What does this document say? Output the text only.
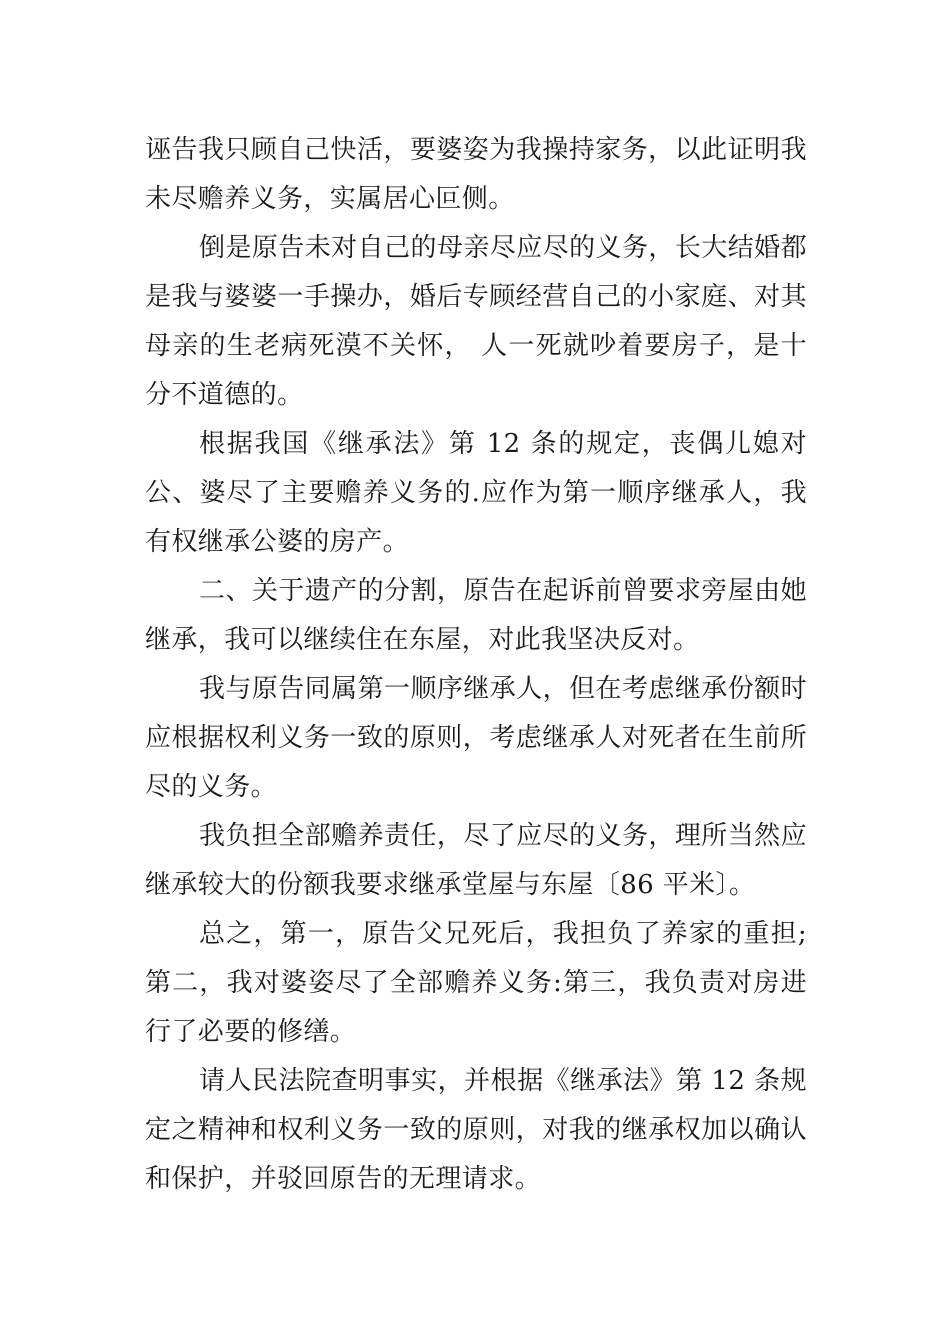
诬告我只顾自己快活，要婆姿为我操持家务，以此证明我未尽赡养义务，实属居心叵侧。

倒是原告未对自己的母亲尽应尽的义务，长大结婚都是我与婆婆一手操办，婚后专顾经营自己的小家庭、对其母亲的生老病死漠不关怀， 人一死就吵着要房子，是十分不道德的。

根据我国《继承法》第 12 条的规定，丧偶儿媳对公、婆尽了主要赡养义务的.应作为第一顺序继承人，我有权继承公婆的房产。

二、关于遗产的分割，原告在起诉前曾要求旁屋由她继承，我可以继续住在东屋，对此我坚决反对。

我与原告同属第一顺序继承人，但在考虑继承份额时应根据权利义务一致的原则，考虑继承人对死者在生前所尽的义务。

我负担全部赡养责任，尽了应尽的义务，理所当然应继承较大的份额我要求继承堂屋与东屋〔86 平米〕。

总之，第一，原告父兄死后，我担负了养家的重担;第二，我对婆姿尽了全部赡养义务:第三，我负责对房进行了必要的修缮。

请人民法院查明事实，并根据《继承法》第 12 条规定之精神和权利义务一致的原则，对我的继承权加以确认和保护，并驳回原告的无理请求。
